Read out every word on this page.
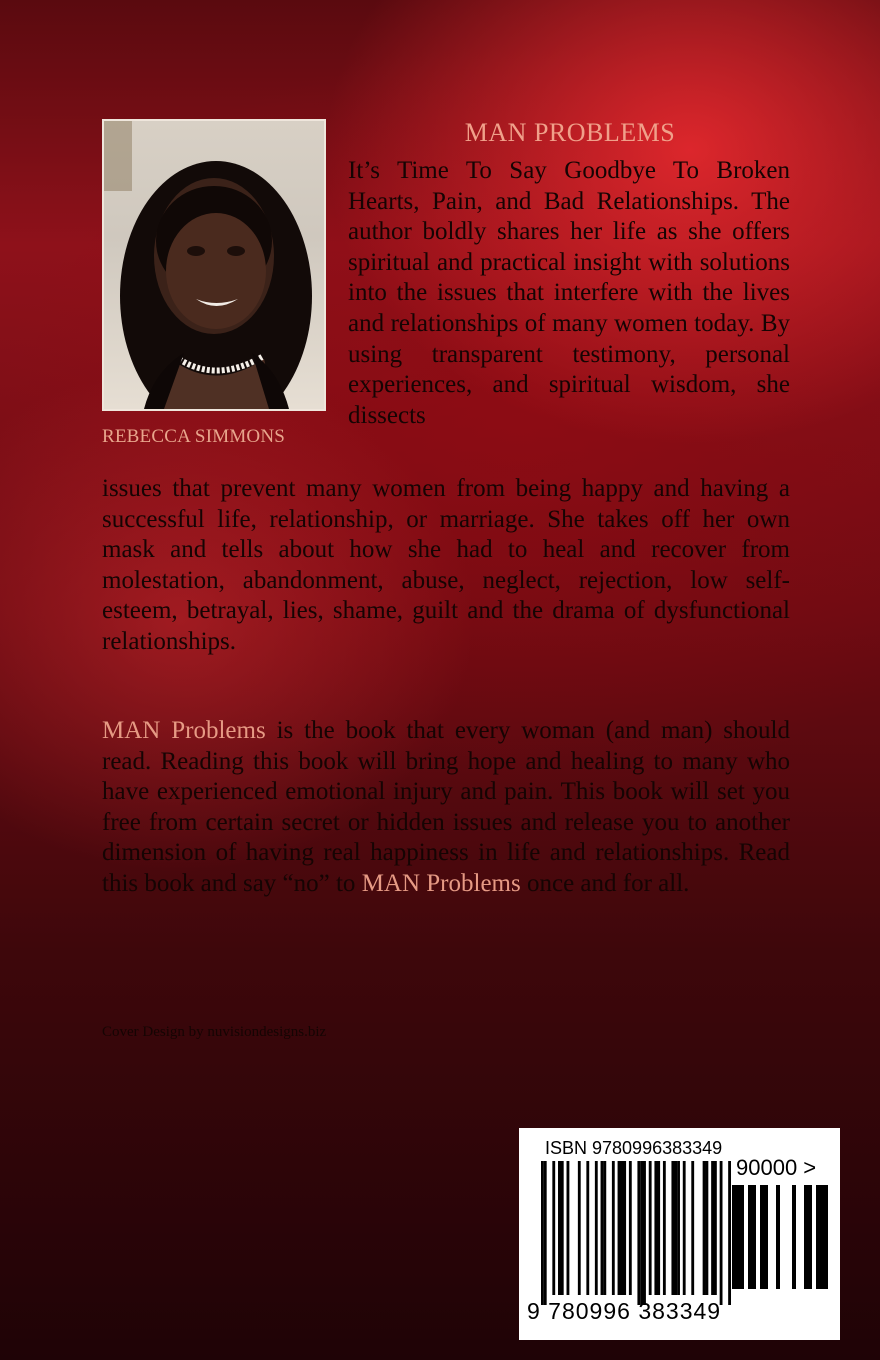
REBECCA SIMMONS
MAN PROBLEMS

It’s Time To Say Goodbye To Broken Hearts, Pain, and Bad Relationships. The author boldly shares her life as she offers spiritual and practical insight with solutions into the issues that interfere with the lives and relationships of many women today. By using transparent testimony, personal experiences, and spiritual wisdom, she dissects

issues that prevent many women from being happy and having a successful life, relationship, or marriage. She takes off her own mask and tells about how she had to heal and recover from molestation, abandonment, abuse, neglect, rejection, low self-esteem, betrayal, lies, shame, guilt and the drama of dysfunctional relationships.

MAN Problems is the book that every woman (and man) should read. Reading this book will bring hope and healing to many who have experienced emotional injury and pain. This book will set you free from certain secret or hidden issues and release you to another dimension of having real happiness in life and relationships. Read this book and say “no” to MAN Problems once and for all.

Cover Design by nuvisiondesigns.biz
ISBN 9780996383349
90000 >
9 780996 383349
